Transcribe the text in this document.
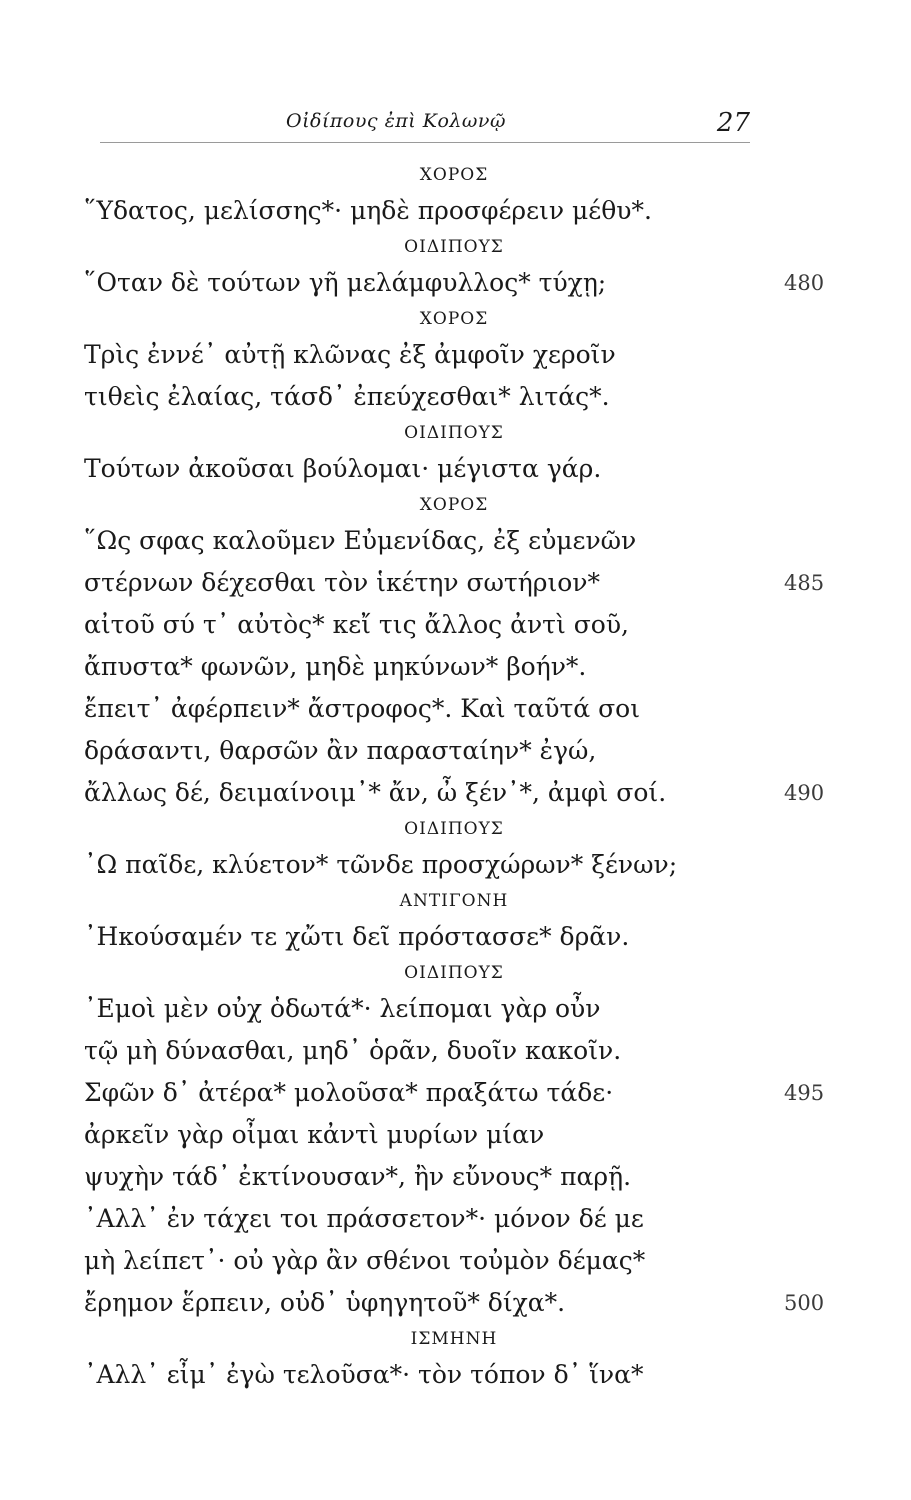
Οἰδίπους ἐπὶ Κολωνῷ	27
ΧΟΡΟΣ
῞Υδατος, μελίσσης*· μηδὲ προσφέρειν μέθυ*.
ΟΙΔΙΠΟΥΣ
῞Οταν δὲ τούτων γῆ μελάμφυλλος* τύχῃ;	480
ΧΟΡΟΣ
Τρὶς ἐννέ᾿ αὐτῇ κλῶνας ἐξ ἀμφοῖν χεροῖν
τιθεὶς ἐλαίας, τάσδ᾿ ἐπεύχεσθαι* λιτάς*.
ΟΙΔΙΠΟΥΣ
Τούτων ἀκοῦσαι βούλομαι· μέγιστα γάρ.
ΧΟΡΟΣ
῞Ως σφας καλοῦμεν Εὐμενίδας, ἐξ εὐμενῶν
στέρνων δέχεσθαι τὸν ἱκέτην σωτήριον*	485
αἰτοῦ σύ τ᾿ αὐτὸς* κεἴ τις ἄλλος ἀντὶ σοῦ,
ἄπυστα* φωνῶν, μηδὲ μηκύνων* βοήν*.
ἔπειτ᾿ ἀφέρπειν* ἄστροφος*. Καὶ ταῦτά σοι
δράσαντι, θαρσῶν ἂν παρασταίην* ἐγώ,
ἄλλως δέ, δειμαίνοιμ᾿* ἄν, ὦ ξέν᾿*, ἀμφὶ σοί.	490
ΟΙΔΙΠΟΥΣ
᾿Ω παῖδε, κλύετον* τῶνδε προσχώρων* ξένων;
ΑΝΤΙΓΟΝΗ
᾿Ηκούσαμέν τε χὤτι δεῖ πρόστασσε* δρᾶν.
ΟΙΔΙΠΟΥΣ
᾿Εμοὶ μὲν οὐχ ὁδωτά*· λείπομαι γὰρ οὖν
τῷ μὴ δύνασθαι, μηδ᾿ ὁρᾶν, δυοῖν κακοῖν.
Σφῶν δ᾿ ἀτέρα* μολοῦσα* πραξάτω τάδε·	495
ἀρκεῖν γὰρ οἶμαι κἀντὶ μυρίων μίαν
ψυχὴν τάδ᾿ ἐκτίνουσαν*, ἢν εὔνους* παρῇ.
᾿Αλλ᾿ ἐν τάχει τοι πράσσετον*· μόνον δέ με
μὴ λείπετ᾿· οὐ γὰρ ἂν σθένοι τοὐμὸν δέμας*
ἔρημον ἕρπειν, οὐδ᾿ ὑφηγητοῦ* δίχα*.	500
ΙΣΜΗΝΗ
᾿Αλλ᾿ εἶμ᾿ ἐγὼ τελοῦσα*· τὸν τόπον δ᾿ ἵνα*
